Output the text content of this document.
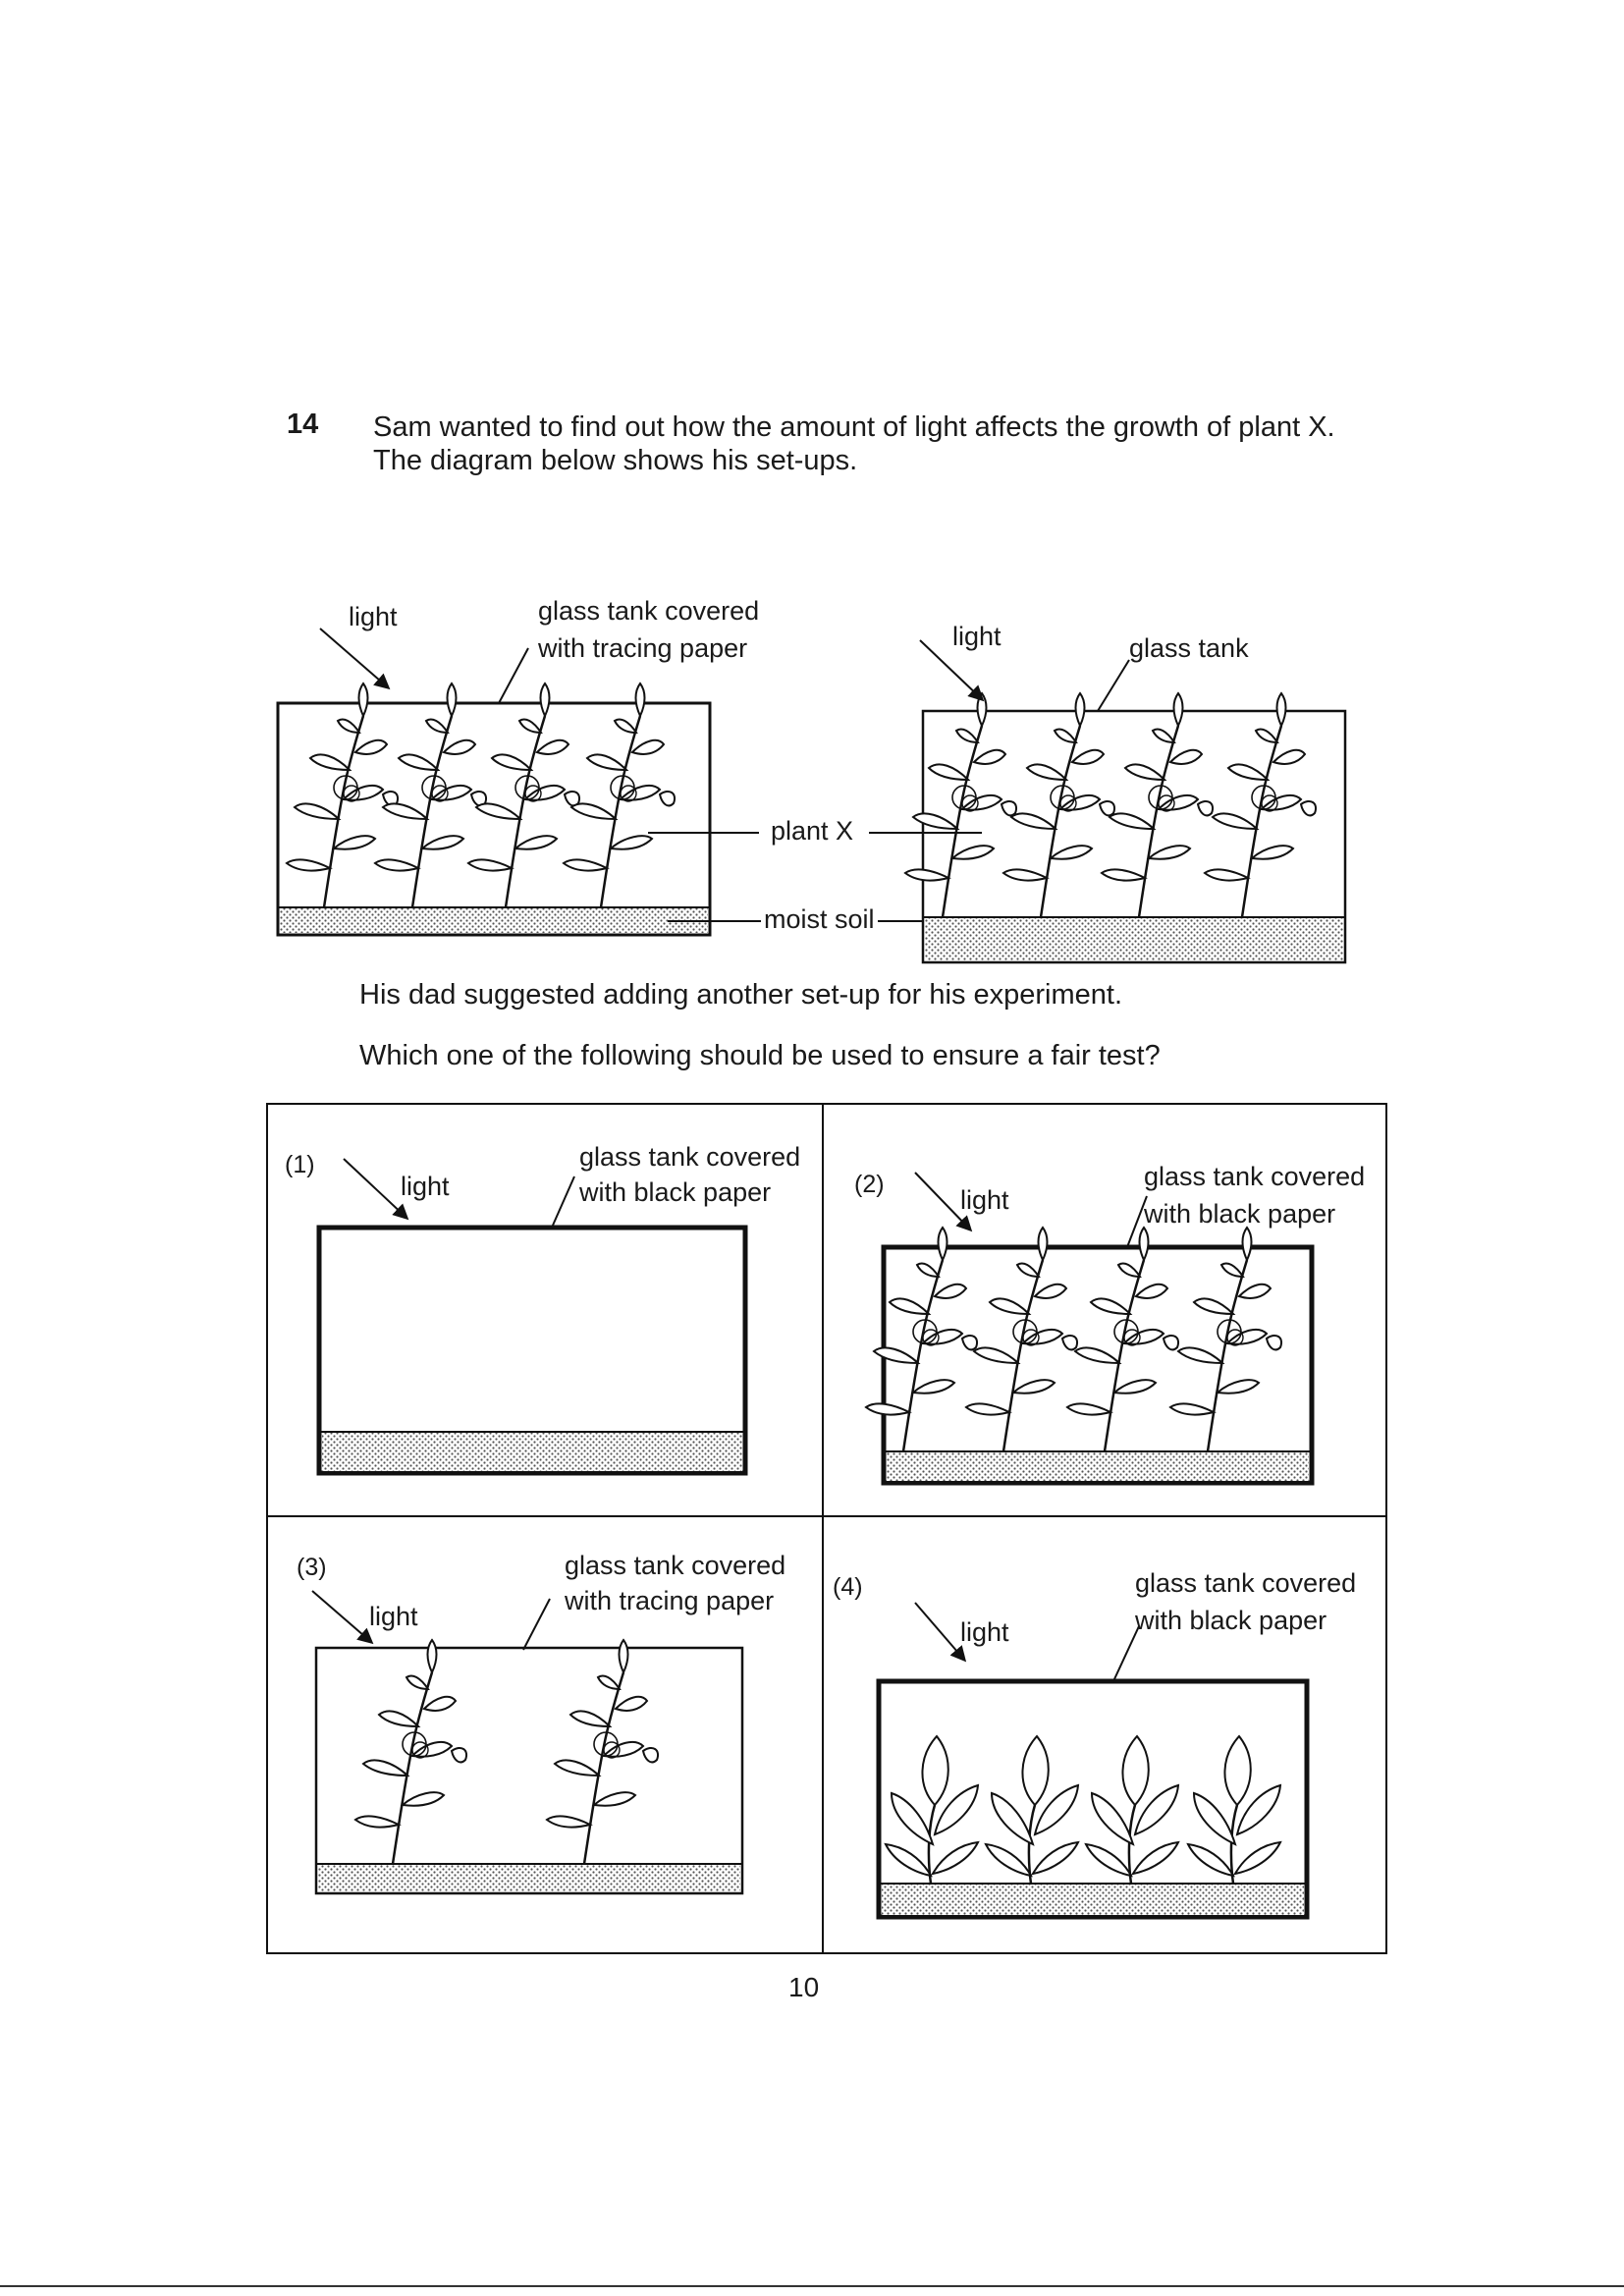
14 Sam wanted to find out how the amount of light affects the growth of plant X.
The diagram below shows his set-ups.
light	glass tank covered
with tracing paper	light	glass tank
plant X
moist soil
His dad suggested adding another set-up for his experiment.
Which one of the following should be used to ensure a fair test?
(1)
light
glass tank covered
with black paper	(2)
light
glass tank covered
with black paper
(3)
light
glass tank covered
with tracing paper (4)
light
glass tank covered
with black paper
10
